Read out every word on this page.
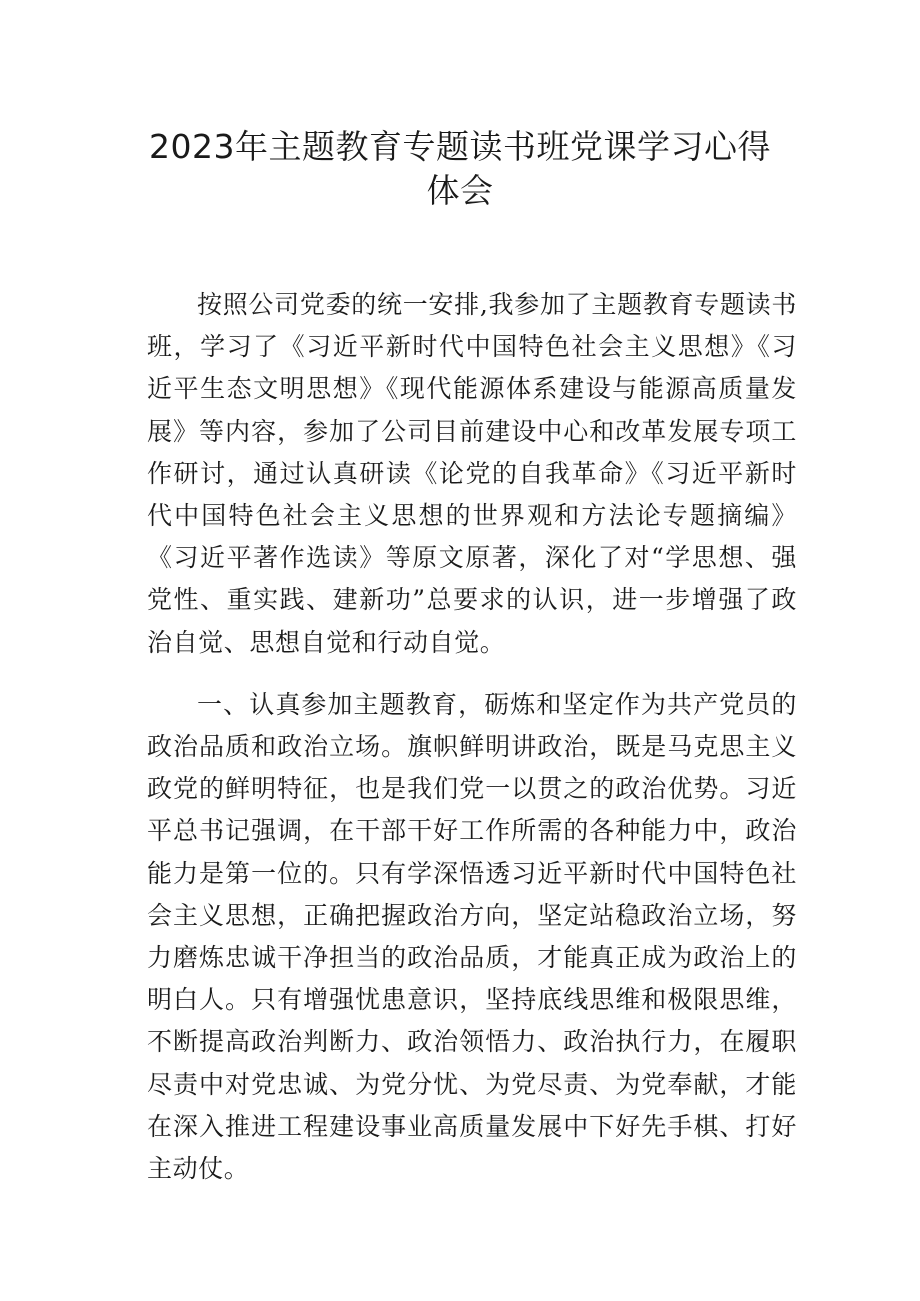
2023年主题教育专题读书班党课学习心得
体会

按照公司党委的统一安排,我参加了主题教育专题读书班，学习了《习近平新时代中国特色社会主义思想》《习近平生态文明思想》《现代能源体系建设与能源高质量发展》等内容，参加了公司目前建设中心和改革发展专项工作研讨，通过认真研读《论党的自我革命》《习近平新时代中国特色社会主义思想的世界观和方法论专题摘编》《习近平著作选读》等原文原著，深化了对“学思想、强党性、重实践、建新功”总要求的认识，进一步增强了政治自觉、思想自觉和行动自觉。

一、认真参加主题教育，砺炼和坚定作为共产党员的政治品质和政治立场。旗帜鲜明讲政治，既是马克思主义政党的鲜明特征，也是我们党一以贯之的政治优势。习近平总书记强调，在干部干好工作所需的各种能力中，政治能力是第一位的。只有学深悟透习近平新时代中国特色社会主义思想，正确把握政治方向，坚定站稳政治立场，努力磨炼忠诚干净担当的政治品质，才能真正成为政治上的明白人。只有增强忧患意识，坚持底线思维和极限思维，不断提高政治判断力、政治领悟力、政治执行力，在履职尽责中对党忠诚、为党分忧、为党尽责、为党奉献，才能在深入推进工程建设事业高质量发展中下好先手棋、打好主动仗。
